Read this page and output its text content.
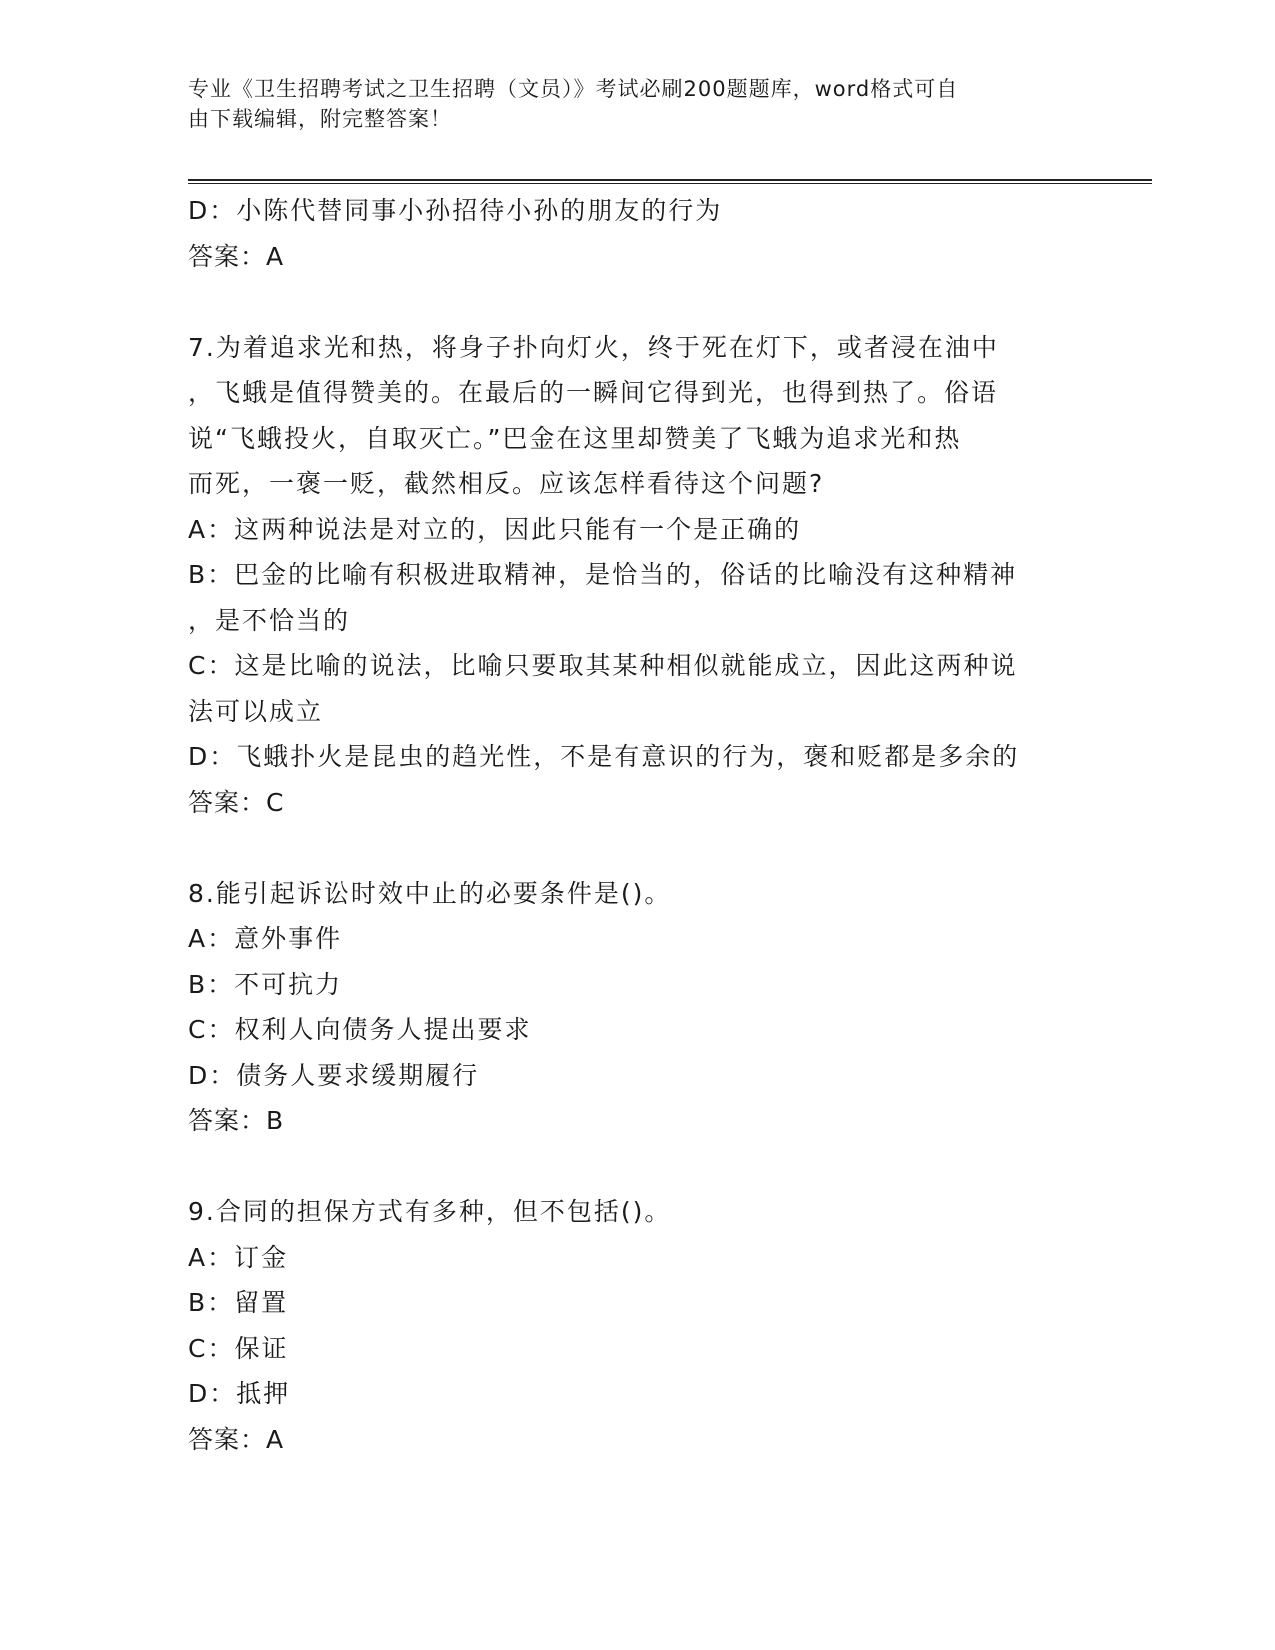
专业《卫生招聘考试之卫生招聘（文员）》考试必刷200题题库，word格式可自
由下载编辑，附完整答案！
D：小陈代替同事小孙招待小孙的朋友的行为
答案：A
7.为着追求光和热，将身子扑向灯火，终于死在灯下，或者浸在油中
，飞蛾是值得赞美的。在最后的一瞬间它得到光，也得到热了。俗语
说“飞蛾投火，自取灭亡。”巴金在这里却赞美了飞蛾为追求光和热
而死，一褒一贬，截然相反。应该怎样看待这个问题?
A：这两种说法是对立的，因此只能有一个是正确的
B：巴金的比喻有积极进取精神，是恰当的，俗话的比喻没有这种精神
，是不恰当的
C：这是比喻的说法，比喻只要取其某种相似就能成立，因此这两种说
法可以成立
D：飞蛾扑火是昆虫的趋光性，不是有意识的行为，褒和贬都是多余的
答案：C
8.能引起诉讼时效中止的必要条件是()。
A：意外事件
B：不可抗力
C：权利人向债务人提出要求
D：债务人要求缓期履行
答案：B
9.合同的担保方式有多种，但不包括()。
A：订金
B：留置
C：保证
D：抵押
答案：A
